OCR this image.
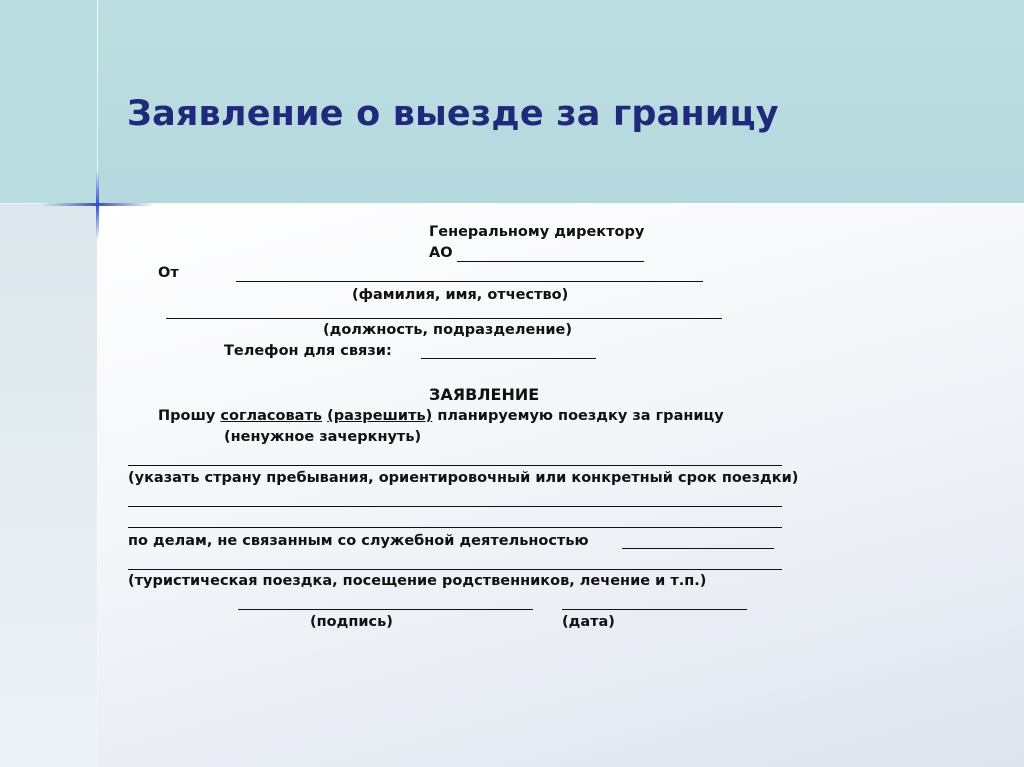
Заявление о выезде за границу
Генеральному директору
АО
От
(фамилия, имя, отчество)
(должность, подразделение)
Телефон для связи:
ЗАЯВЛЕНИЕ
Прошу согласовать (разрешить) планируемую поездку за границу
(ненужное зачеркнуть)
(указать страну пребывания, ориентировочный или конкретный срок поездки)
по делам, не связанным со служебной деятельностью
(туристическая поездка, посещение родственников, лечение и т.п.)
(подпись)	(дата)
